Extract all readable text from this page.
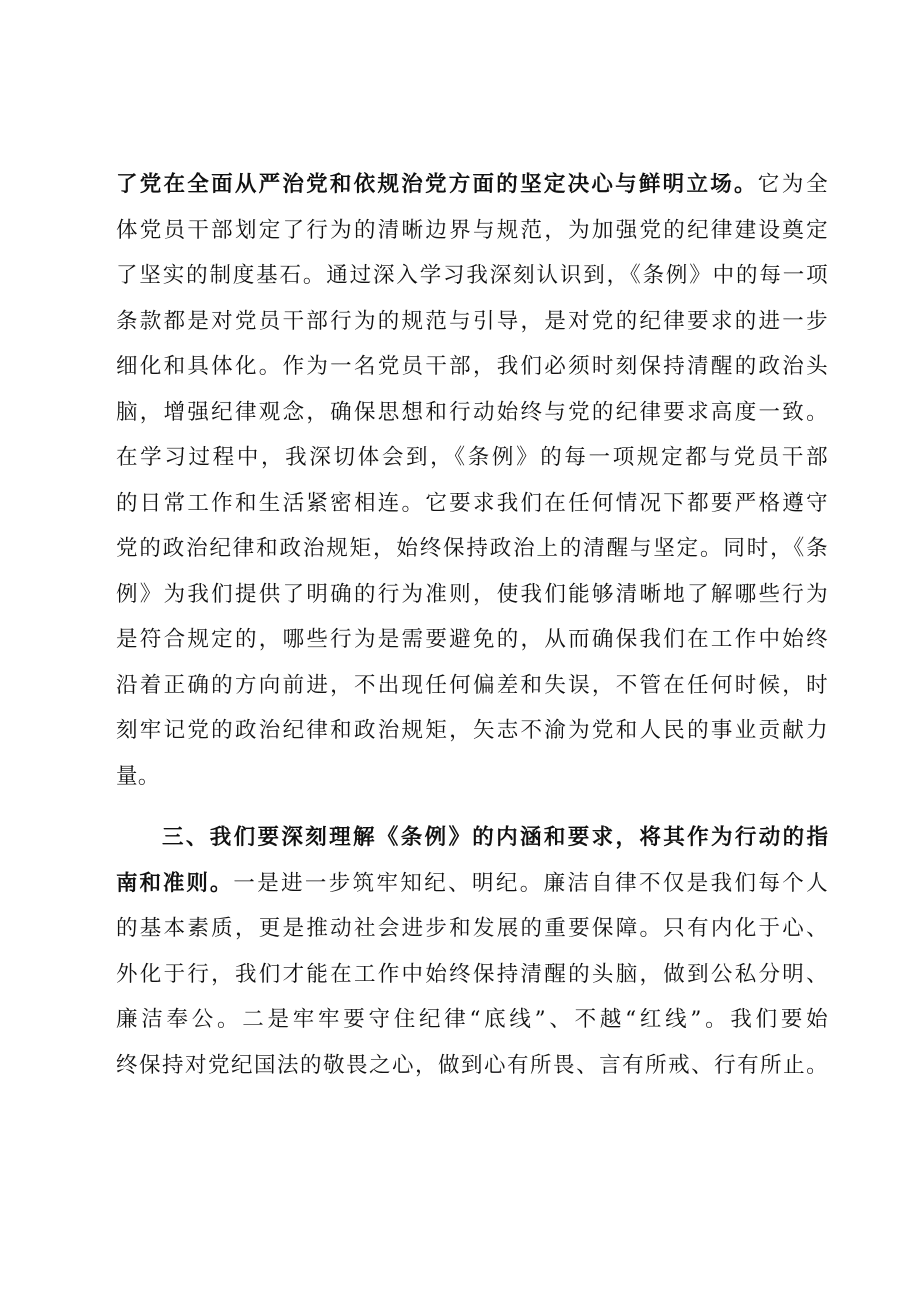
了党在全面从严治党和依规治党方面的坚定决心与鲜明立场。它为全
体党员干部划定了行为的清晰边界与规范，为加强党的纪律建设奠定
了坚实的制度基石。通过深入学习我深刻认识到，《条例》中的每一项
条款都是对党员干部行为的规范与引导，是对党的纪律要求的进一步
细化和具体化。作为一名党员干部，我们必须时刻保持清醒的政治头
脑，增强纪律观念，确保思想和行动始终与党的纪律要求高度一致。
在学习过程中，我深切体会到，《条例》的每一项规定都与党员干部
的日常工作和生活紧密相连。它要求我们在任何情况下都要严格遵守
党的政治纪律和政治规矩，始终保持政治上的清醒与坚定。同时，《条
例》为我们提供了明确的行为准则，使我们能够清晰地了解哪些行为
是符合规定的，哪些行为是需要避免的，从而确保我们在工作中始终
沿着正确的方向前进，不出现任何偏差和失误，不管在任何时候，时
刻牢记党的政治纪律和政治规矩，矢志不渝为党和人民的事业贡献力
量。
三、我们要深刻理解《条例》的内涵和要求，将其作为行动的指
南和准则。一是进一步筑牢知纪、明纪。廉洁自律不仅是我们每个人
的基本素质，更是推动社会进步和发展的重要保障。只有内化于心、
外化于行，我们才能在工作中始终保持清醒的头脑，做到公私分明、
廉洁奉公。二是牢牢要守住纪律“底线”、不越“红线”。我们要始
终保持对党纪国法的敬畏之心，做到心有所畏、言有所戒、行有所止。
